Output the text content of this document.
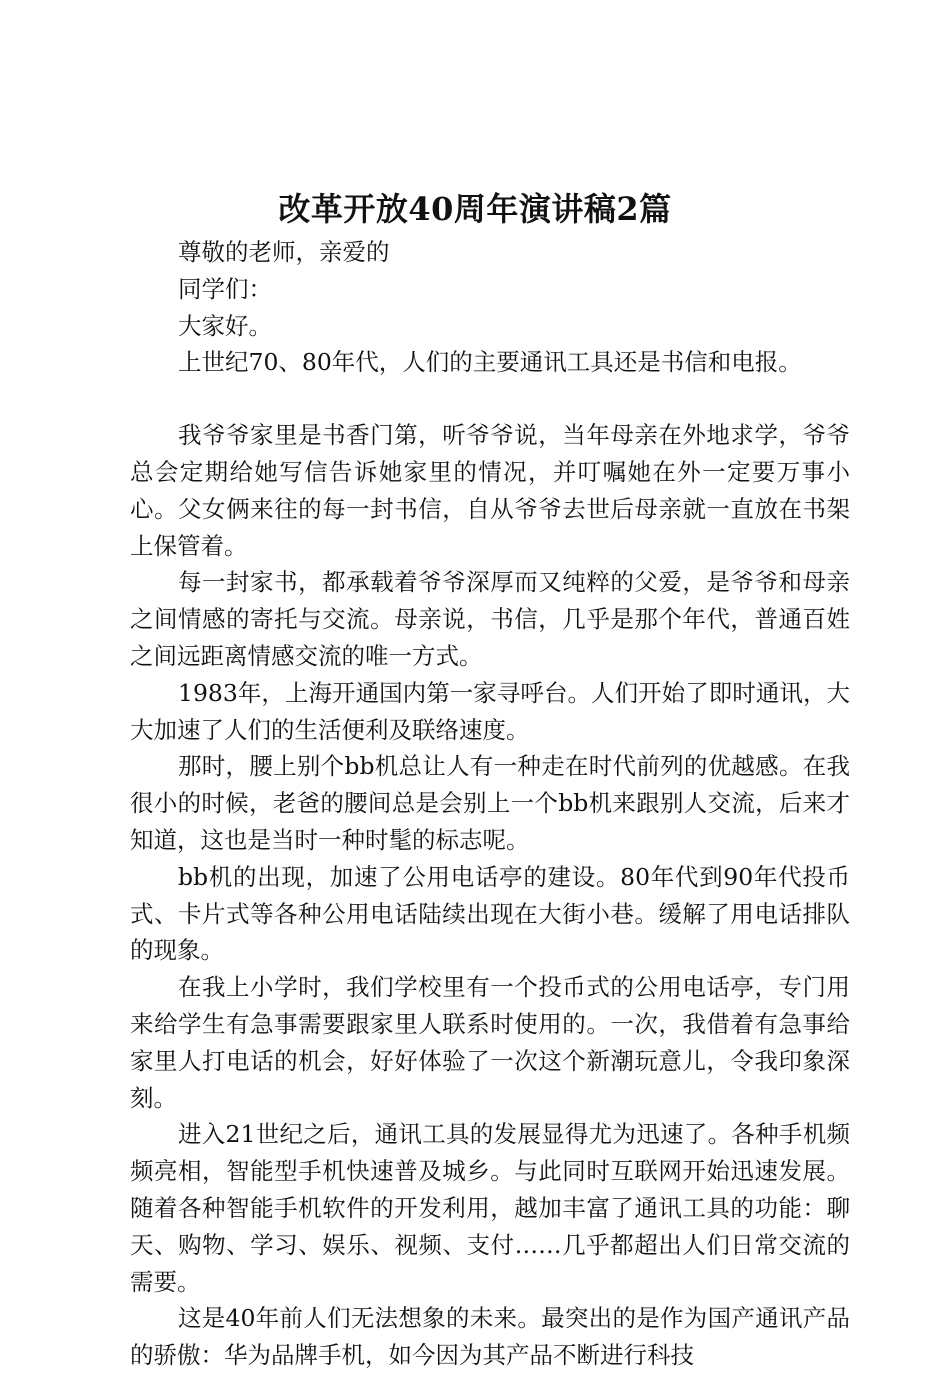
改革开放40周年演讲稿2篇

尊敬的老师，亲爱的

同学们：

大家好。

上世纪70、80年代，人们的主要通讯工具还是书信和电报。

我爷爷家里是书香门第，听爷爷说，当年母亲在外地求学，爷爷总会定期给她写信告诉她家里的情况，并叮嘱她在外一定要万事小心。父女俩来往的每一封书信，自从爷爷去世后母亲就一直放在书架上保管着。

每一封家书，都承载着爷爷深厚而又纯粹的父爱，是爷爷和母亲之间情感的寄托与交流。母亲说，书信，几乎是那个年代，普通百姓之间远距离情感交流的唯一方式。

1983年，上海开通国内第一家寻呼台。人们开始了即时通讯，大大加速了人们的生活便利及联络速度。

那时，腰上别个bb机总让人有一种走在时代前列的优越感。在我很小的时候，老爸的腰间总是会别上一个bb机来跟别人交流，后来才知道，这也是当时一种时髦的标志呢。

bb机的出现，加速了公用电话亭的建设。80年代到90年代投币式、卡片式等各种公用电话陆续出现在大街小巷。缓解了用电话排队的现象。

在我上小学时，我们学校里有一个投币式的公用电话亭，专门用来给学生有急事需要跟家里人联系时使用的。一次，我借着有急事给家里人打电话的机会，好好体验了一次这个新潮玩意儿，令我印象深刻。

进入21世纪之后，通讯工具的发展显得尤为迅速了。各种手机频频亮相，智能型手机快速普及城乡。与此同时互联网开始迅速发展。随着各种智能手机软件的开发利用，越加丰富了通讯工具的功能：聊天、购物、学习、娱乐、视频、支付……几乎都超出人们日常交流的需要。

这是40年前人们无法想象的未来。最突出的是作为国产通讯产品的骄傲：华为品牌手机，如今因为其产品不断进行科技
